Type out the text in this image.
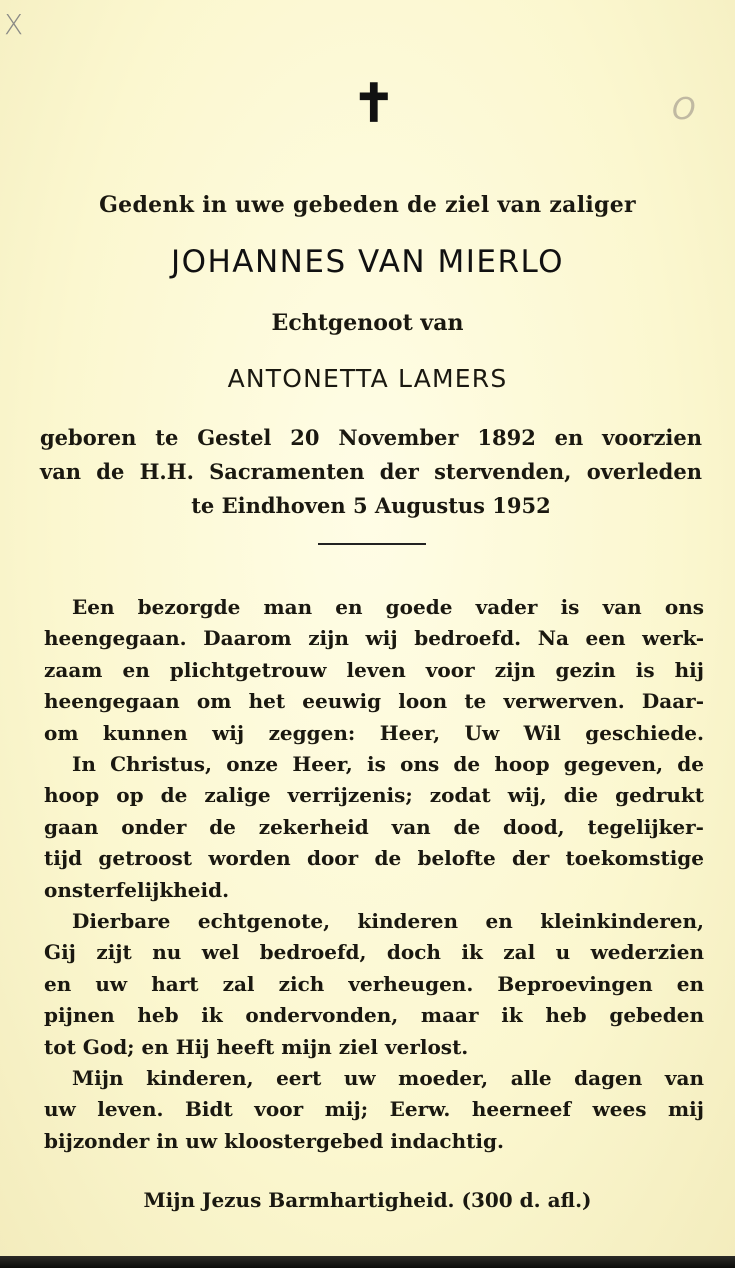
X
O
✝
Gedenk in uwe gebeden de ziel van zaliger
JOHANNES VAN MIERLO
Echtgenoot van
ANTONETTA LAMERS
geboren te Gestel 20 November 1892 en voorzien
van de H.H. Sacramenten der stervenden, overleden
te Eindhoven 5 Augustus 1952
Een bezorgde man en goede vader is van ons
heengegaan. Daarom zijn wij bedroefd. Na een werk-
zaam en plichtgetrouw leven voor zijn gezin is hij
heengegaan om het eeuwig loon te verwerven. Daar-
om kunnen wij zeggen: Heer, Uw Wil geschiede.
In Christus, onze Heer, is ons de hoop gegeven, de
hoop op de zalige verrijzenis; zodat wij, die gedrukt
gaan onder de zekerheid van de dood, tegelijker-
tijd getroost worden door de belofte der toekomstige
onsterfelijkheid.
Dierbare echtgenote, kinderen en kleinkinderen,
Gij zijt nu wel bedroefd, doch ik zal u wederzien
en uw hart zal zich verheugen. Beproevingen en
pijnen heb ik ondervonden, maar ik heb gebeden
tot God; en Hij heeft mijn ziel verlost.
Mijn kinderen, eert uw moeder, alle dagen van
uw leven. Bidt voor mij; Eerw. heerneef wees mij
bijzonder in uw kloostergebed indachtig.
Mijn Jezus Barmhartigheid. (300 d. afl.)
